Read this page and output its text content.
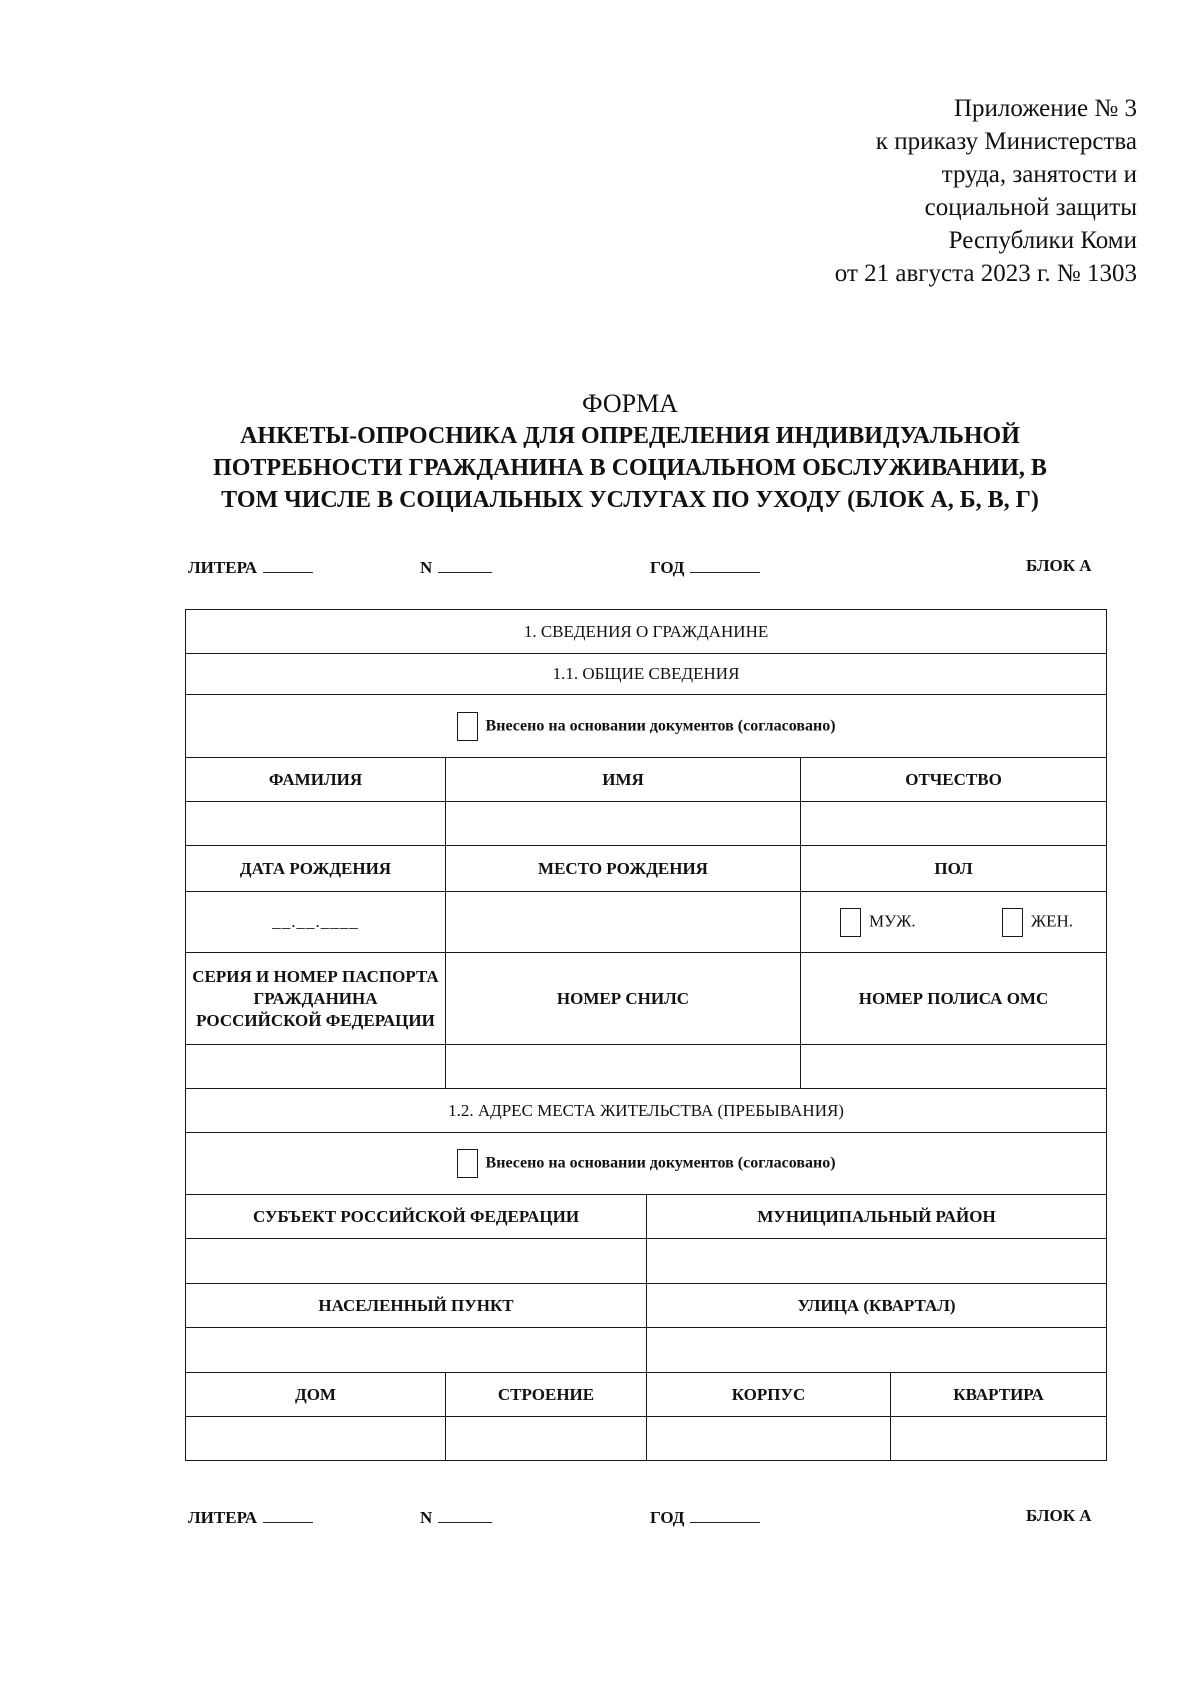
Приложение № 3
к приказу Министерства
труда, занятости и
социальной защиты
Республики Коми
от 21 августа 2023 г. № 1303
ФОРМА
АНКЕТЫ-ОПРОСНИКА ДЛЯ ОПРЕДЕЛЕНИЯ ИНДИВИДУАЛЬНОЙ
ПОТРЕБНОСТИ ГРАЖДАНИНА В СОЦИАЛЬНОМ ОБСЛУЖИВАНИИ, В
ТОМ ЧИСЛЕ В СОЦИАЛЬНЫХ УСЛУГАХ ПО УХОДУ (БЛОК А, Б, В, Г)
ЛИТЕРА	N	ГОД	БЛОК А
1. СВЕДЕНИЯ О ГРАЖДАНИНЕ				
1.1. ОБЩИЕ СВЕДЕНИЯ				
Внесено на основании документов (согласовано)				
ФАМИЛИЯ	ИМЯ		ОТЧЕСТВО	

ДАТА РОЖДЕНИЯ	МЕСТО РОЖДЕНИЯ		ПОЛ	
__.__.____			МУЖ. ЖЕН.	
СЕРИЯ И НОМЕР ПАСПОРТА ГРАЖДАНИНА РОССИЙСКОЙ ФЕДЕРАЦИИ	НОМЕР СНИЛС		НОМЕР ПОЛИСА ОМС	

1.2. АДРЕС МЕСТА ЖИТЕЛЬСТВА (ПРЕБЫВАНИЯ)				
Внесено на основании документов (согласовано)				
СУБЪЕКТ РОССИЙСКОЙ ФЕДЕРАЦИИ		МУНИЦИПАЛЬНЫЙ РАЙОН		

НАСЕЛЕННЫЙ ПУНКТ		УЛИЦА (КВАРТАЛ)		

ДОМ	СТРОЕНИЕ	КОРПУС		КВАРТИРА

ЛИТЕРА	N	ГОД	БЛОК А
